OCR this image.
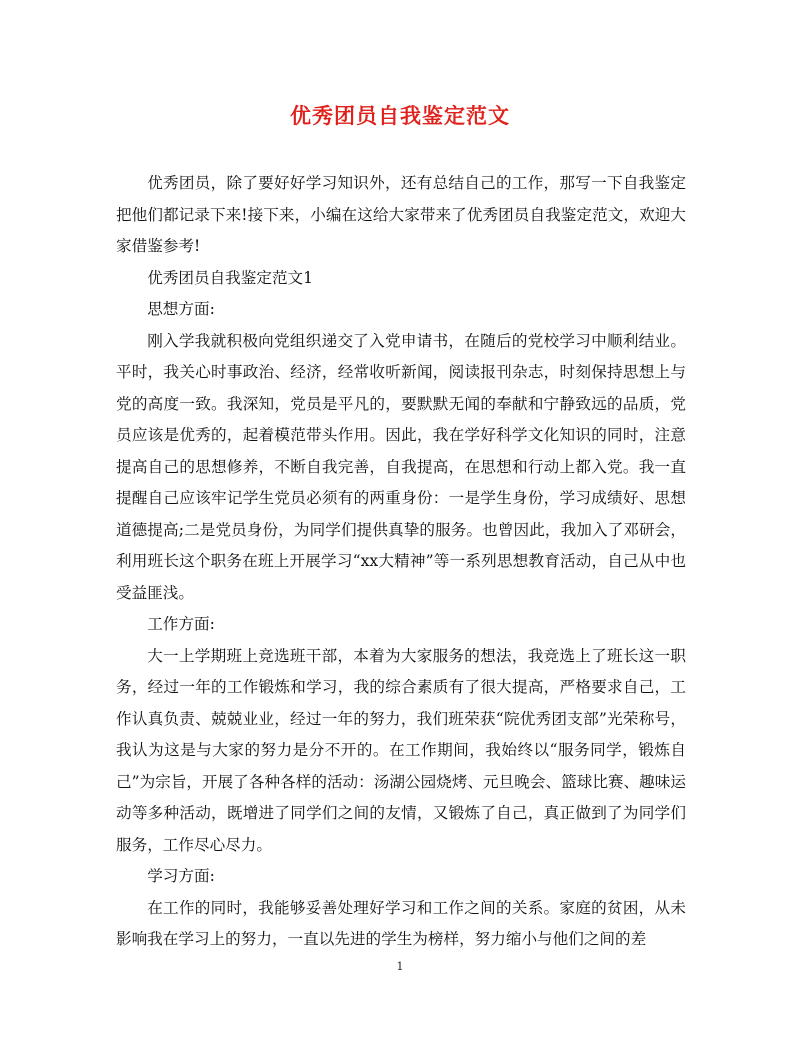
优秀团员自我鉴定范文

优秀团员，除了要好好学习知识外，还有总结自己的工作，那写一下自我鉴定把他们都记录下来!接下来，小编在这给大家带来了优秀团员自我鉴定范文，欢迎大家借鉴参考!

优秀团员自我鉴定范文1

思想方面:

刚入学我就积极向党组织递交了入党申请书，在随后的党校学习中顺利结业。平时，我关心时事政治、经济，经常收听新闻，阅读报刊杂志，时刻保持思想上与党的高度一致。我深知，党员是平凡的，要默默无闻的奉献和宁静致远的品质，党员应该是优秀的，起着模范带头作用。因此，我在学好科学文化知识的同时，注意提高自己的思想修养，不断自我完善，自我提高，在思想和行动上都入党。我一直提醒自己应该牢记学生党员必须有的两重身份：一是学生身份，学习成绩好、思想道德提高;二是党员身份，为同学们提供真挚的服务。也曾因此，我加入了邓研会，利用班长这个职务在班上开展学习“xx大精神”等一系列思想教育活动，自己从中也受益匪浅。

工作方面:

大一上学期班上竞选班干部，本着为大家服务的想法，我竞选上了班长这一职务，经过一年的工作锻炼和学习，我的综合素质有了很大提高，严格要求自己，工作认真负责、兢兢业业，经过一年的努力，我们班荣获“院优秀团支部”光荣称号，我认为这是与大家的努力是分不开的。在工作期间，我始终以“服务同学，锻炼自己”为宗旨，开展了各种各样的活动：汤湖公园烧烤、元旦晚会、篮球比赛、趣味运动等多种活动，既增进了同学们之间的友情，又锻炼了自己，真正做到了为同学们服务，工作尽心尽力。

学习方面:

在工作的同时，我能够妥善处理好学习和工作之间的关系。家庭的贫困，从未影响我在学习上的努力，一直以先进的学生为榜样，努力缩小与他们之间的差

1
